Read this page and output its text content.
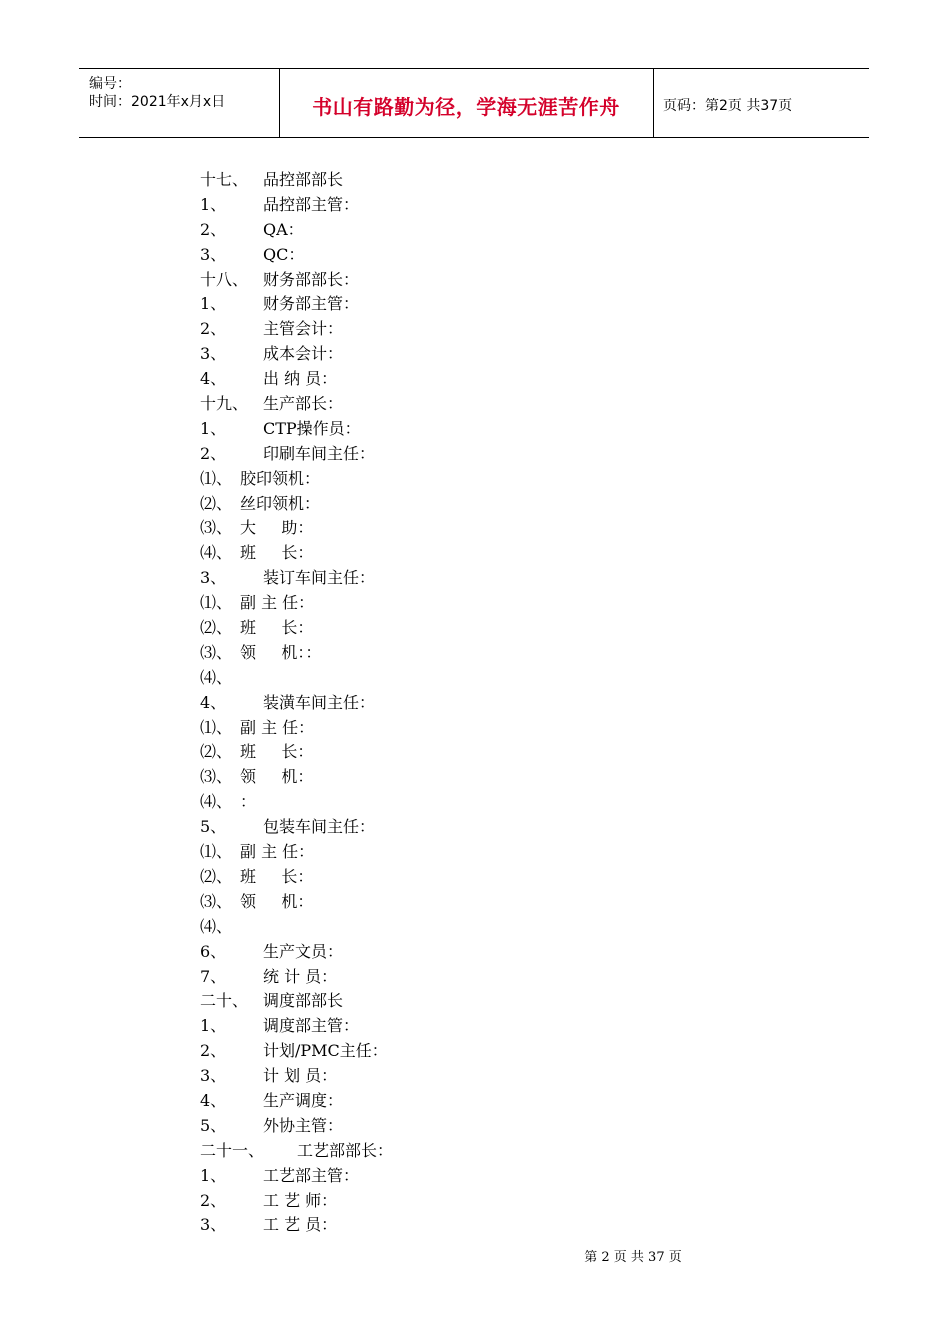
编号：
时间：2021年x月x日	书山有路勤为径，学海无涯苦作舟	页码：第2页 共37页
十七、 品控部部长
1、 品控部主管：
2、 QA：
3、 QC：
十八、 财务部部长：
1、 财务部主管：
2、 主管会计：
3、 成本会计：
4、 出 纳 员：
十九、 生产部长：
1、 CTP操作员：
2、 印刷车间主任：
⑴、 胶印领机：
⑵、 丝印领机：
⑶、 大     助：
⑷、 班     长：
3、 装订车间主任：
⑴、 副 主 任：
⑵、 班     长：
⑶、 领     机：：
⑷、
4、 装潢车间主任：
⑴、 副 主 任：
⑵、 班     长：
⑶、 领     机：
⑷、 ：
5、 包装车间主任：
⑴、 副 主 任：
⑵、 班     长：
⑶、 领     机：
⑷、
6、 生产文员：
7、 统 计 员：
二十、 调度部部长
1、 调度部主管：
2、 计划/PMC主任：
3、 计 划 员：
4、 生产调度：
5、 外协主管：
二十一、 工艺部部长：
1、 工艺部主管：
2、 工 艺 师：
3、 工 艺 员：
第 2 页 共 37 页
